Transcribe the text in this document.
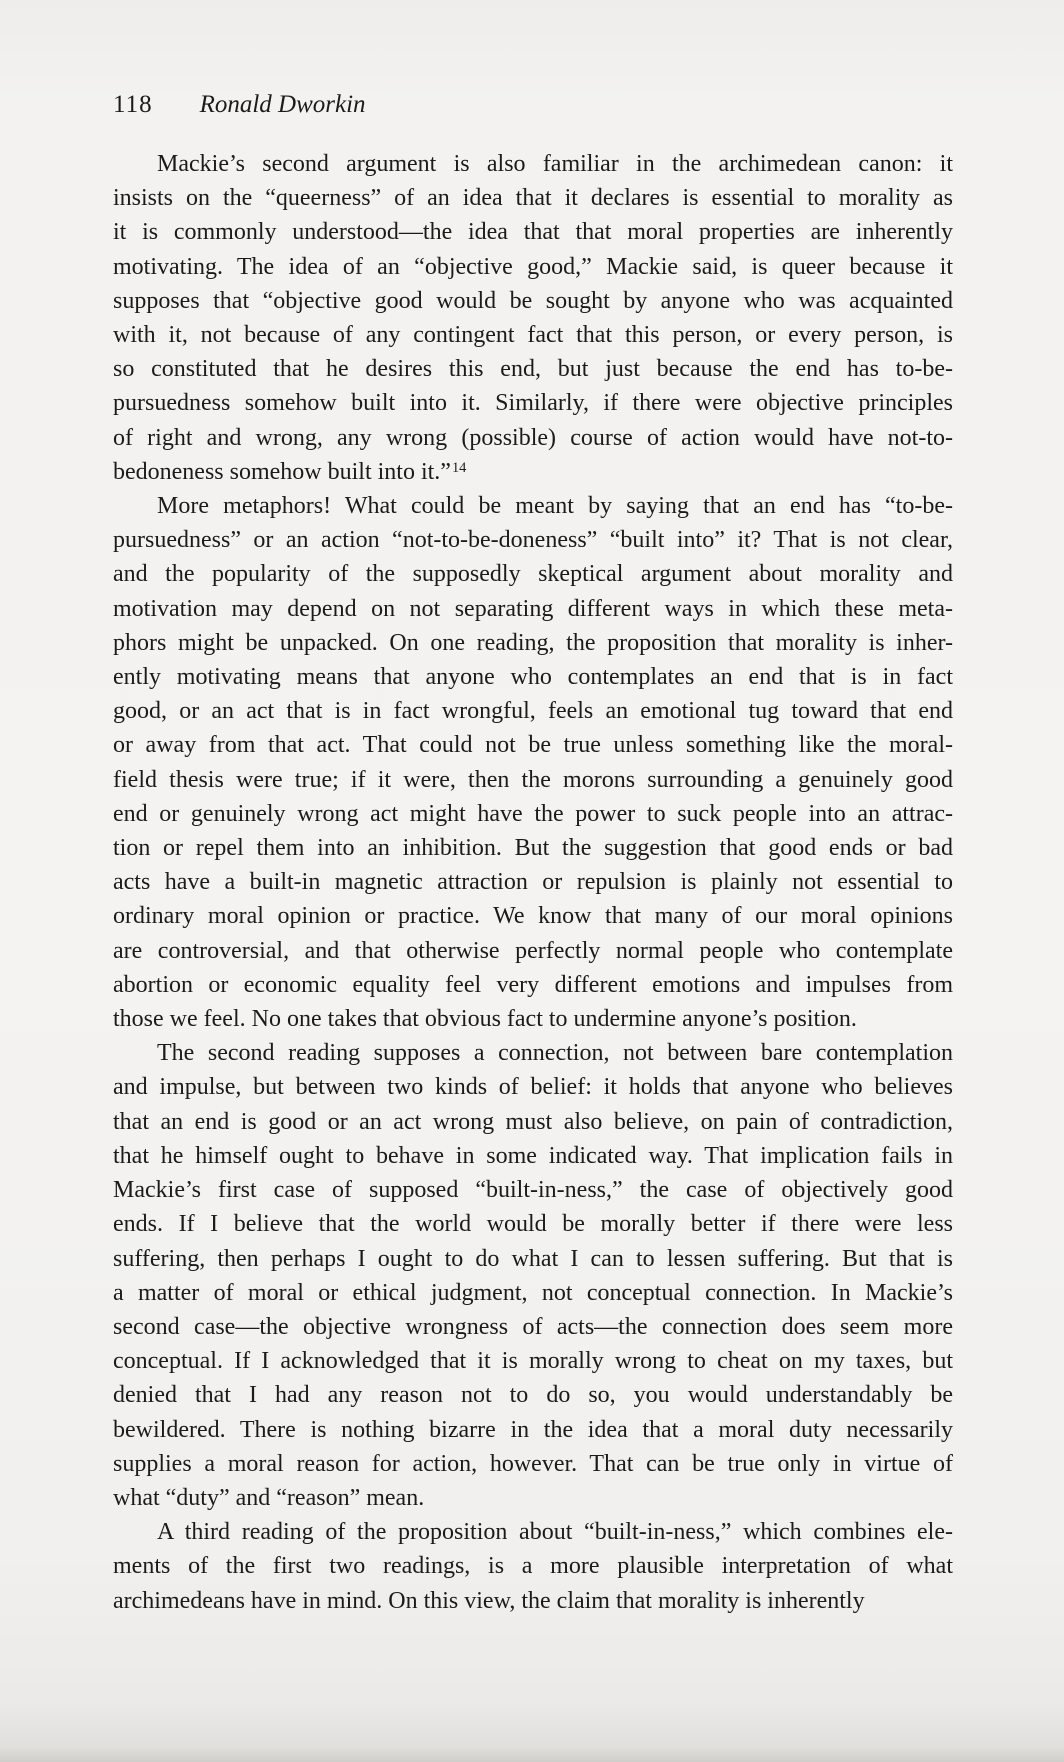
118 Ronald Dworkin
Mackie’s second argument is also familiar in the archimedean canon: it
insists on the “queerness” of an idea that it declares is essential to morality as
it is commonly understood—the idea that that moral properties are inherently
motivating. The idea of an “objective good,” Mackie said, is queer because it
supposes that “objective good would be sought by anyone who was acquainted
with it, not because of any contingent fact that this person, or every person, is
so constituted that he desires this end, but just because the end has to-be-
pursuedness somehow built into it. Similarly, if there were objective principles
of right and wrong, any wrong (possible) course of action would have not-to-
bedoneness somehow built into it.”$^{14}$
More metaphors! What could be meant by saying that an end has “to-be-
pursuedness” or an action “not-to-be-doneness” “built into” it? That is not clear,
and the popularity of the supposedly skeptical argument about morality and
motivation may depend on not separating different ways in which these meta-
phors might be unpacked. On one reading, the proposition that morality is inher-
ently motivating means that anyone who contemplates an end that is in fact
good, or an act that is in fact wrongful, feels an emotional tug toward that end
or away from that act. That could not be true unless something like the moral-
field thesis were true; if it were, then the morons surrounding a genuinely good
end or genuinely wrong act might have the power to suck people into an attrac-
tion or repel them into an inhibition. But the suggestion that good ends or bad
acts have a built-in magnetic attraction or repulsion is plainly not essential to
ordinary moral opinion or practice. We know that many of our moral opinions
are controversial, and that otherwise perfectly normal people who contemplate
abortion or economic equality feel very different emotions and impulses from
those we feel. No one takes that obvious fact to undermine anyone’s position.
The second reading supposes a connection, not between bare contemplation
and impulse, but between two kinds of belief: it holds that anyone who believes
that an end is good or an act wrong must also believe, on pain of contradiction,
that he himself ought to behave in some indicated way. That implication fails in
Mackie’s first case of supposed “built-in-ness,” the case of objectively good
ends. If I believe that the world would be morally better if there were less
suffering, then perhaps I ought to do what I can to lessen suffering. But that is
a matter of moral or ethical judgment, not conceptual connection. In Mackie’s
second case—the objective wrongness of acts—the connection does seem more
conceptual. If I acknowledged that it is morally wrong to cheat on my taxes, but
denied that I had any reason not to do so, you would understandably be
bewildered. There is nothing bizarre in the idea that a moral duty necessarily
supplies a moral reason for action, however. That can be true only in virtue of
what “duty” and “reason” mean.
A third reading of the proposition about “built-in-ness,” which combines ele-
ments of the first two readings, is a more plausible interpretation of what
archimedeans have in mind. On this view, the claim that morality is inherently
